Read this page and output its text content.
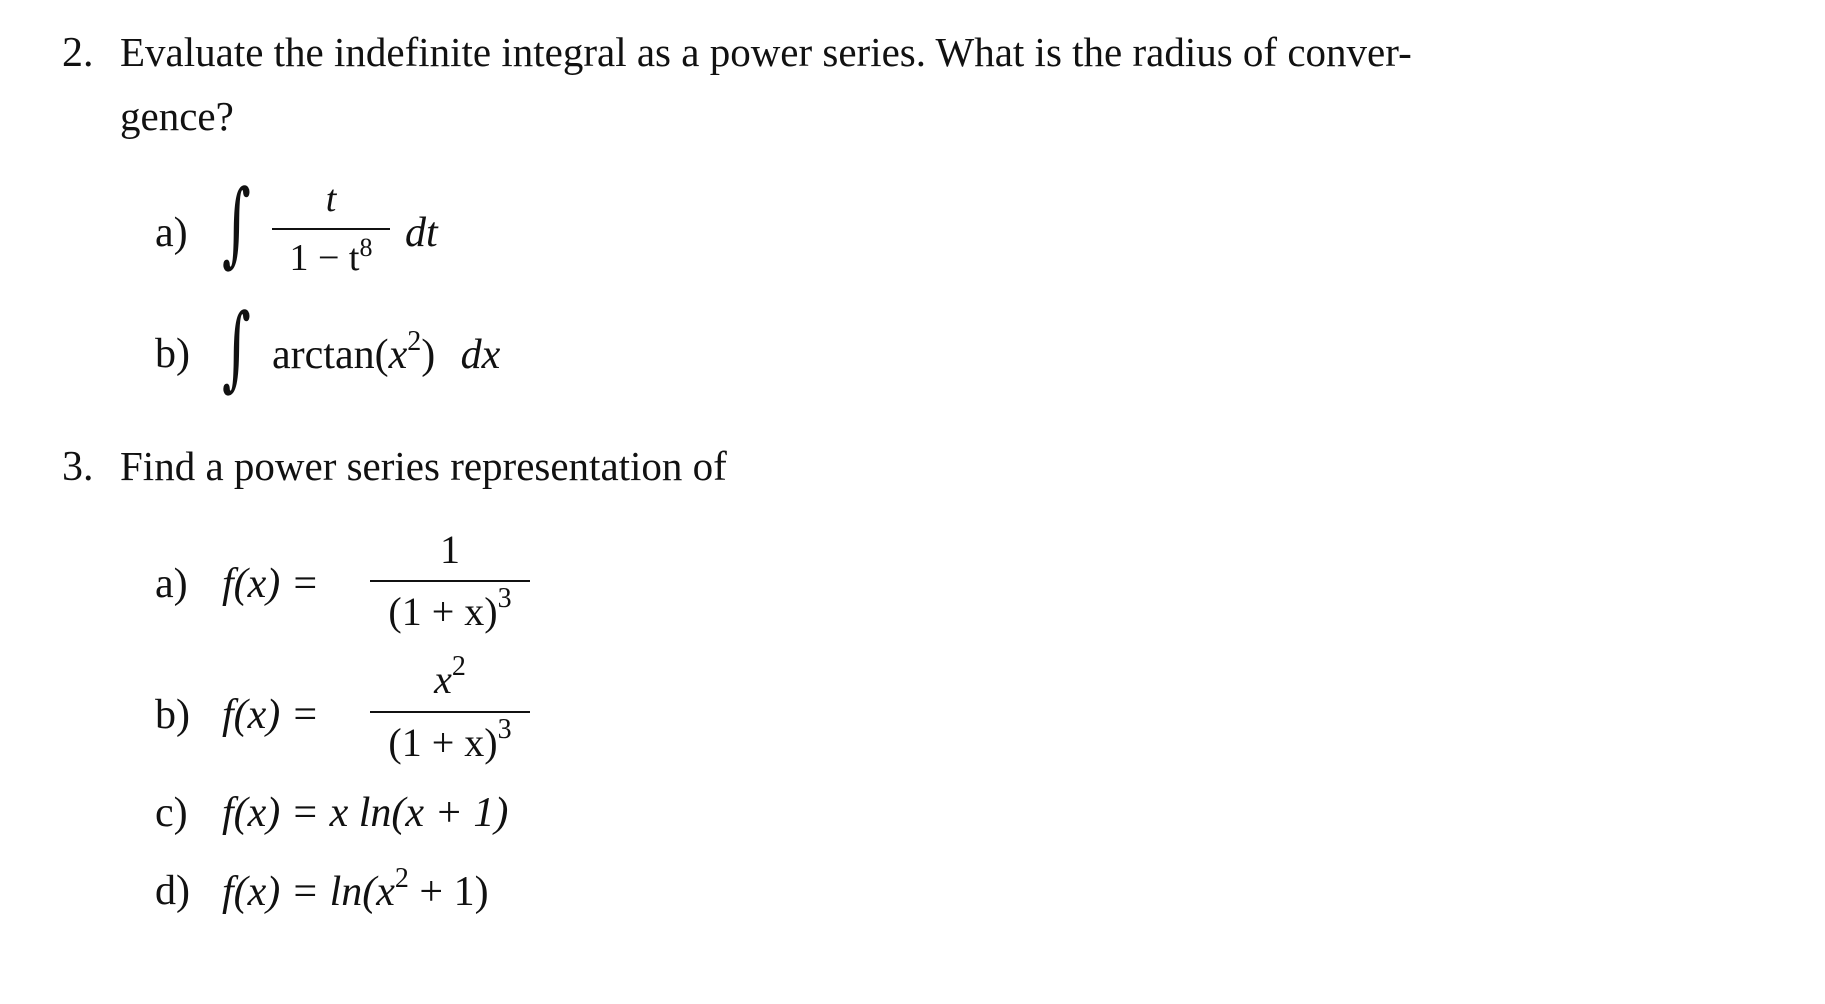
2. Evaluate the indefinite integral as a power series. What is the radius of conver-
gence?
a) ∫	t
$1 - t^8$ dt
b) ∫ $\arctan(x^2)$ dx
3. Find a power series representation of
a) f(x) =
1
$(1 + x)^3$
b) f(x) =
$x^2$
$(1 + x)^3$
c) f(x) = x ln(x + 1)
d) $f(x) = \ln(x^2 + 1)$
